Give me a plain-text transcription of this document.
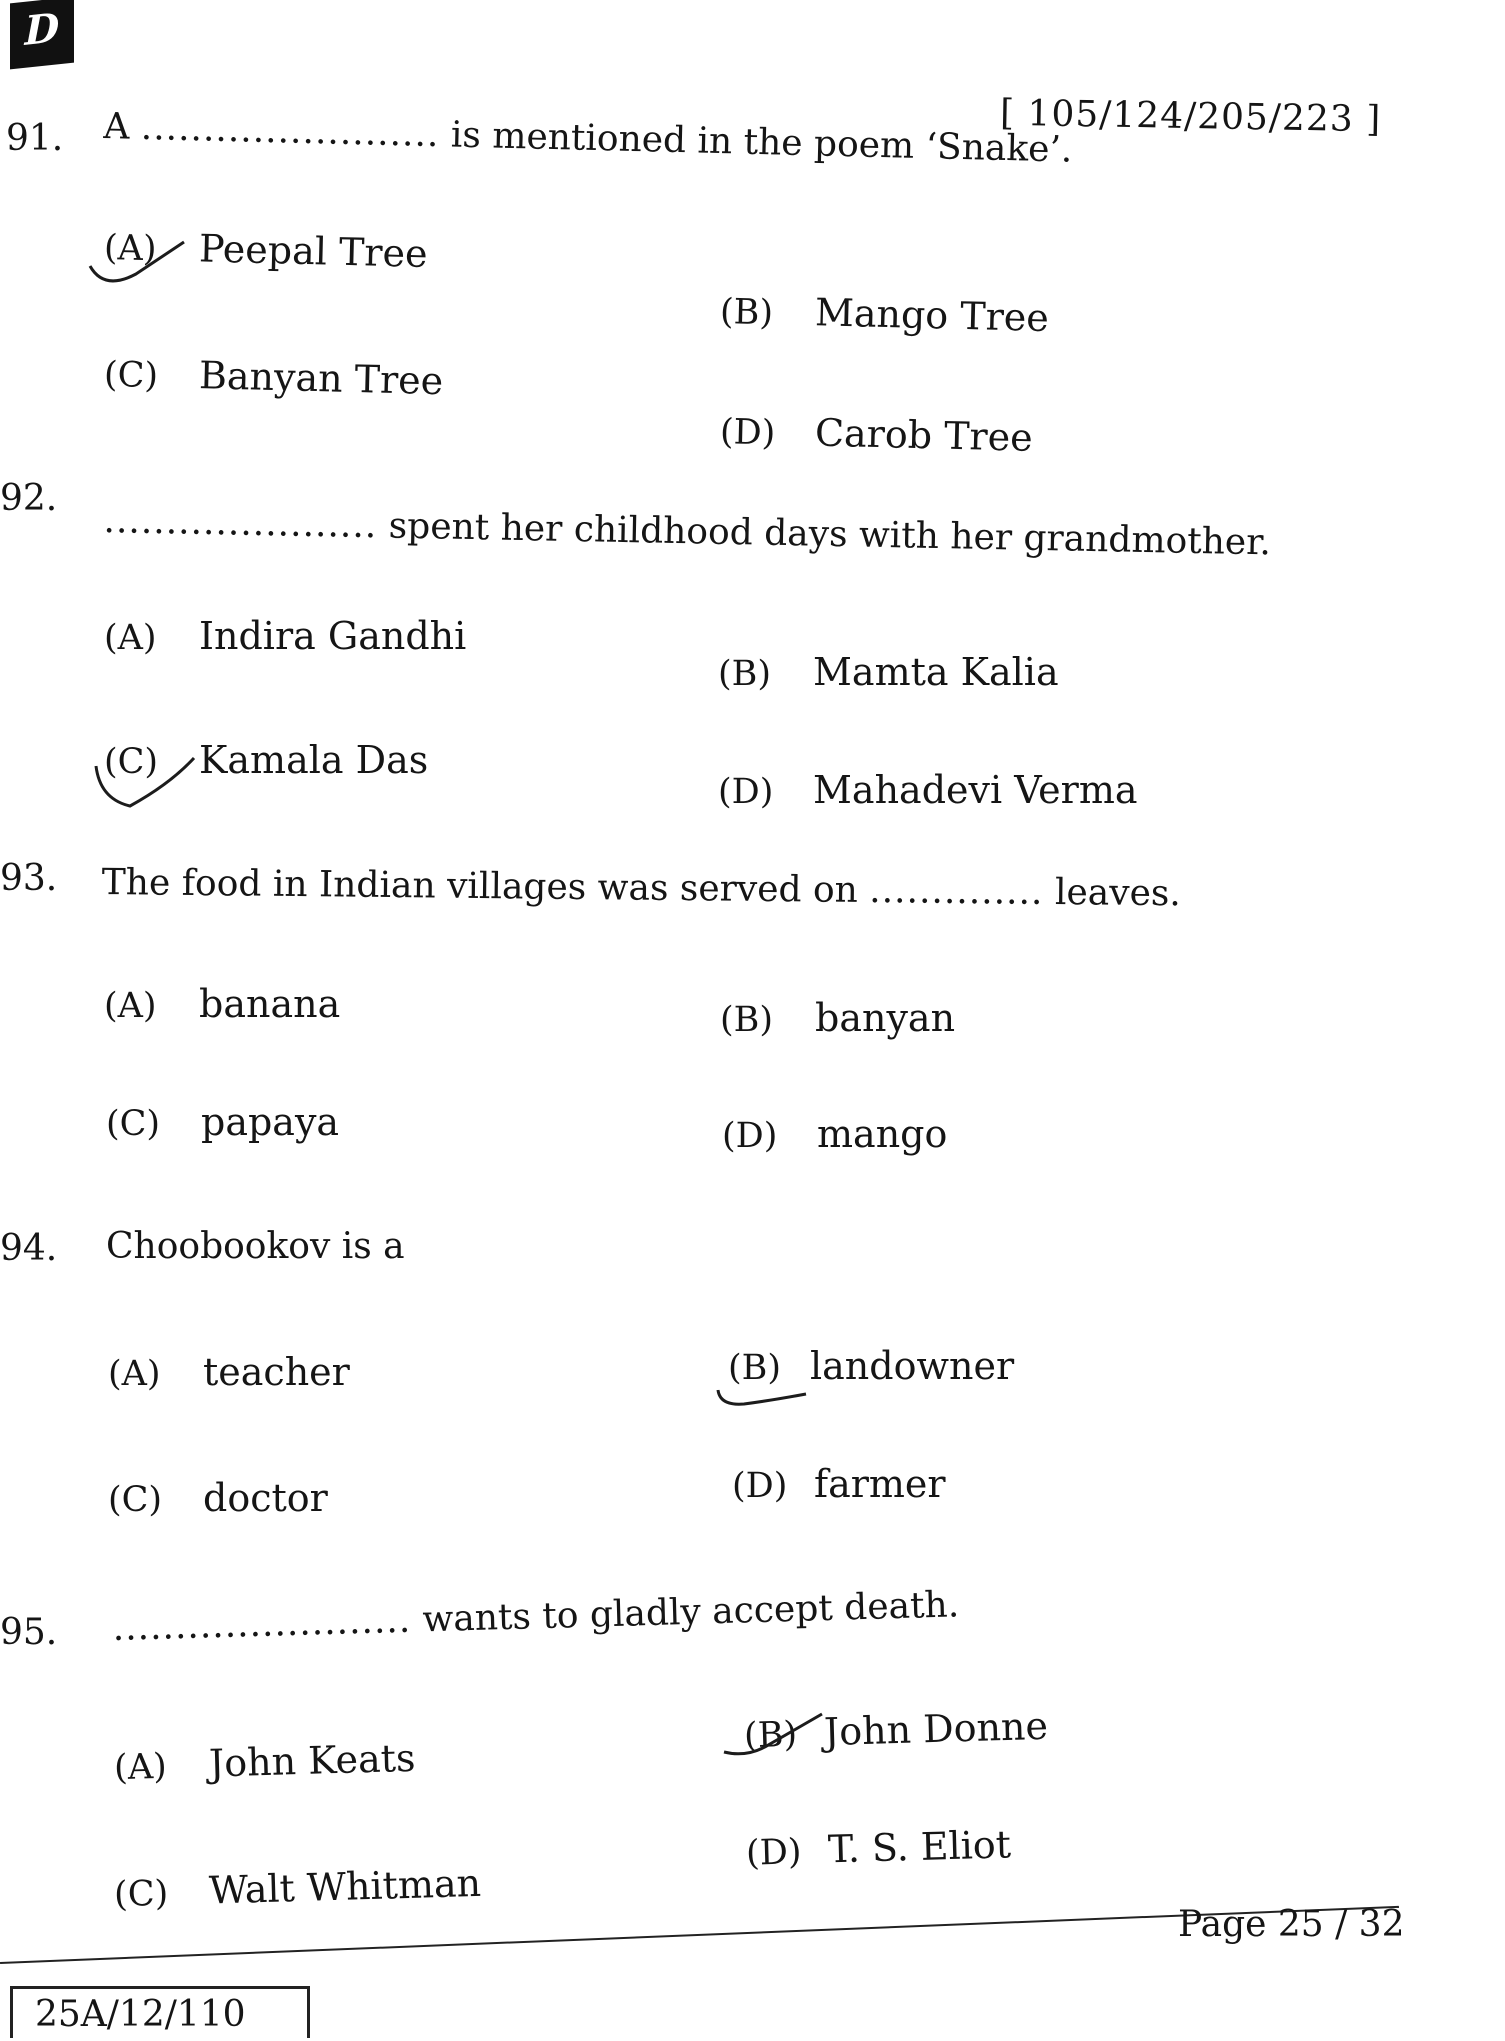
D
[ 105/124/205/223 ]
91. A ........................ is mentioned in the poem ‘Snake’.
(A) Peepal Tree
(B) Mango Tree
(C) Banyan Tree
(D) Carob Tree
92.
...................... spent her childhood days with her grandmother.
(A) Indira Gandhi
(B) Mamta Kalia
(C) Kamala Das
(D) Mahadevi Verma
93. The food in Indian villages was served on .............. leaves.
(A) banana	(B) banyan
(C) papaya	(D) mango
94. Choobookov is a
(A) teacher	(B) landowner
(C) doctor	(D) farmer
95. ........................ wants to gladly accept death.
(A) John Keats
(B) John Donne
(C) Walt Whitman
(D) T. S. Eliot
Page 25 / 32
25A/12/110
